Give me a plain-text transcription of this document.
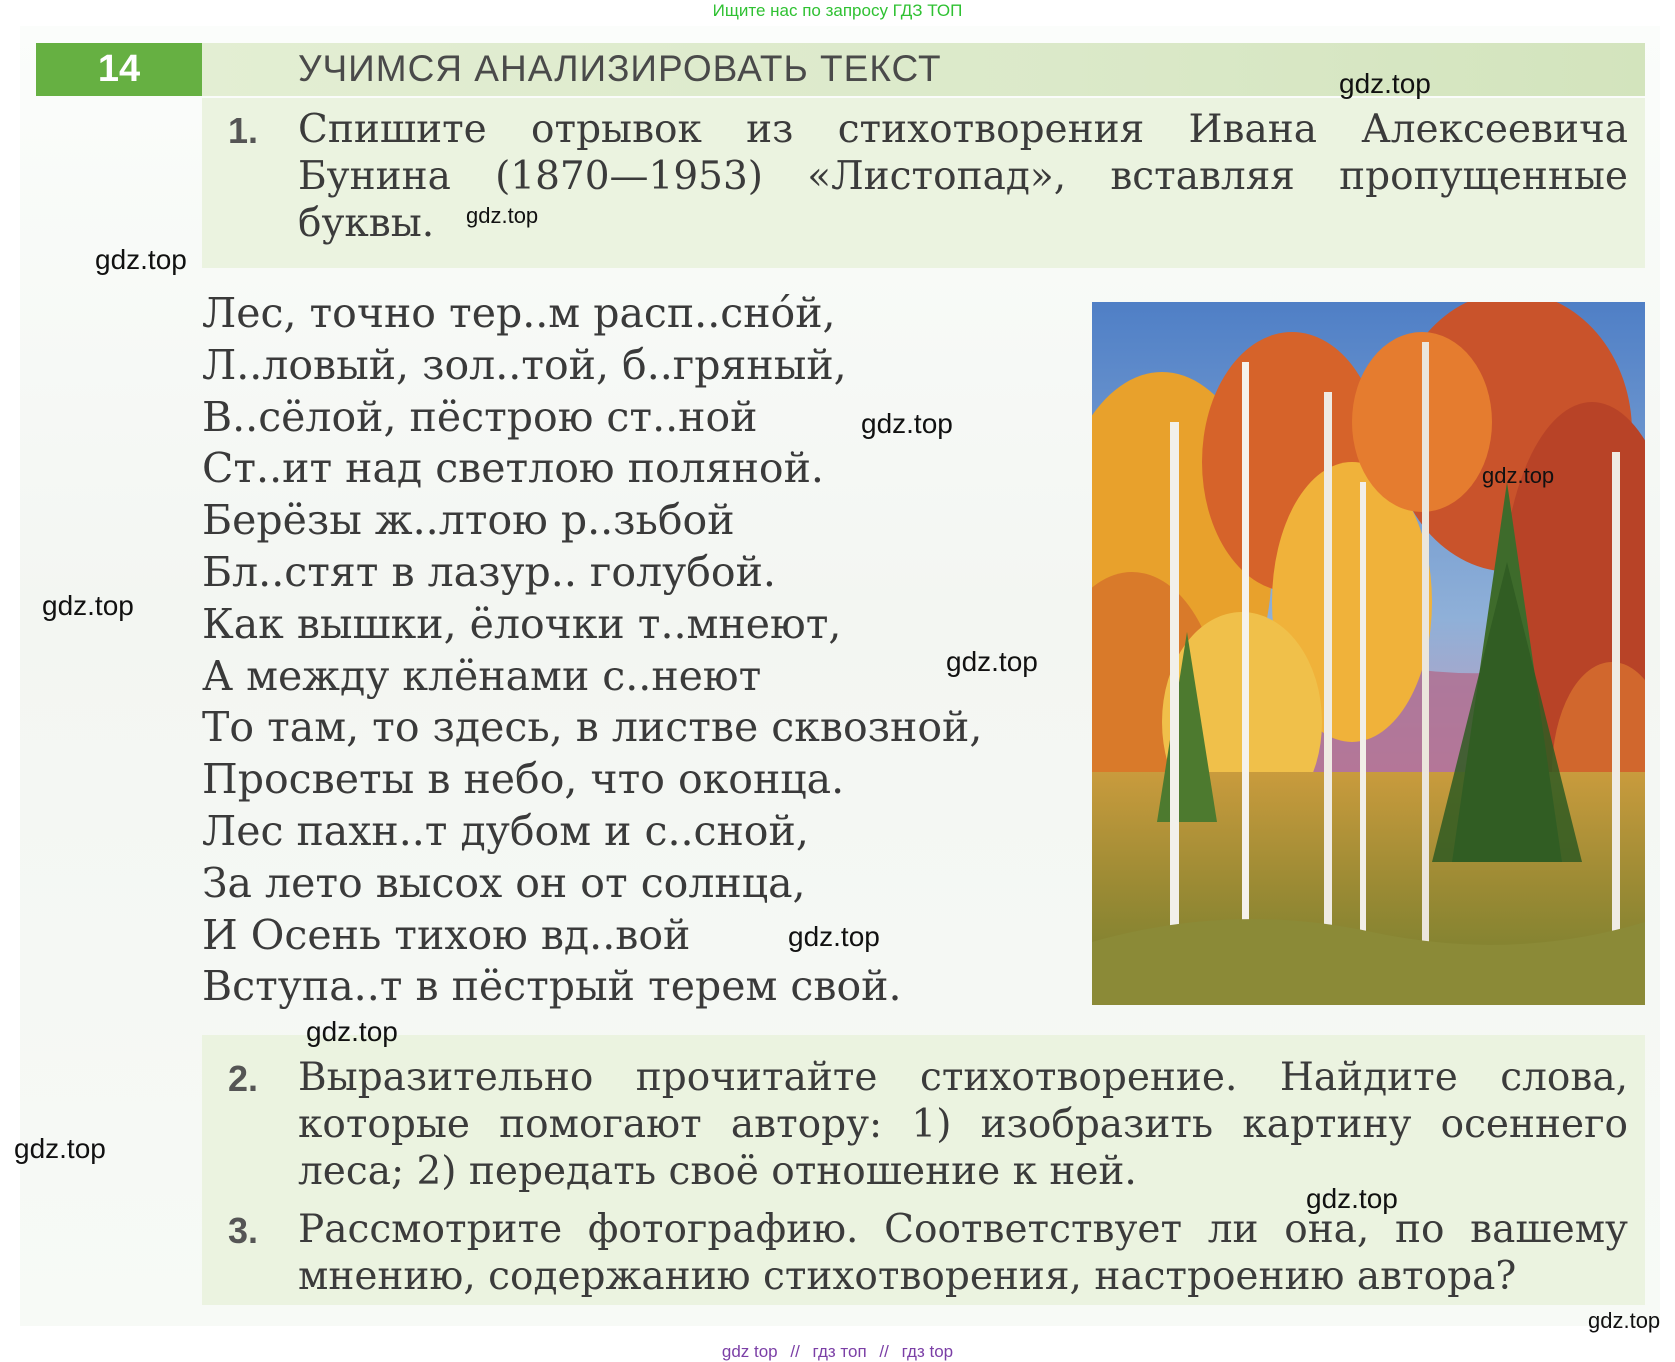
Ищите нас по запросу ГДЗ ТОП
14	УЧИМСЯ АНАЛИЗИРОВАТЬ ТЕКСТ
1. Спишите отрывок из стихотворения Ивана Алексеевича Бунина (1870—1953) «Листопад», вставляя пропущенные буквы.
Лес, точно тер..м расп..сно́й,
Л..ловый, зол..той, б..гряный,
В..сёлой, пёстрою ст..ной
Ст..ит над светлою поляной.
Берёзы ж..лтою р..зьбой
Бл..стят в лазур.. голубой.
Как вышки, ёлочки т..мнеют,
А между клёнами с..неют
То там, то здесь, в листве сквозной,
Просветы в небо, что оконца.
Лес пахн..т дубом и с..сной,
За лето высох он от солнца,
И Осень тихою вд..вой
Вступа..т в пёстрый терем свой.
2. Выразительно прочитайте стихотворение. Найдите слова, которые помогают автору: 1) изобразить картину осеннего леса; 2) передать своё отношение к ней.
3. Рассмотрите фотографию. Соответствует ли она, по вашему мнению, содержанию стихотворения, настроению автора?
gdz.top
gdz.top
gdz.top
gdz.top
gdz.top
gdz.top
gdz.top
gdz.top
gdz.top
gdz.top
gdz.top
gdz.top
gdz top // гдз топ // гдз top
